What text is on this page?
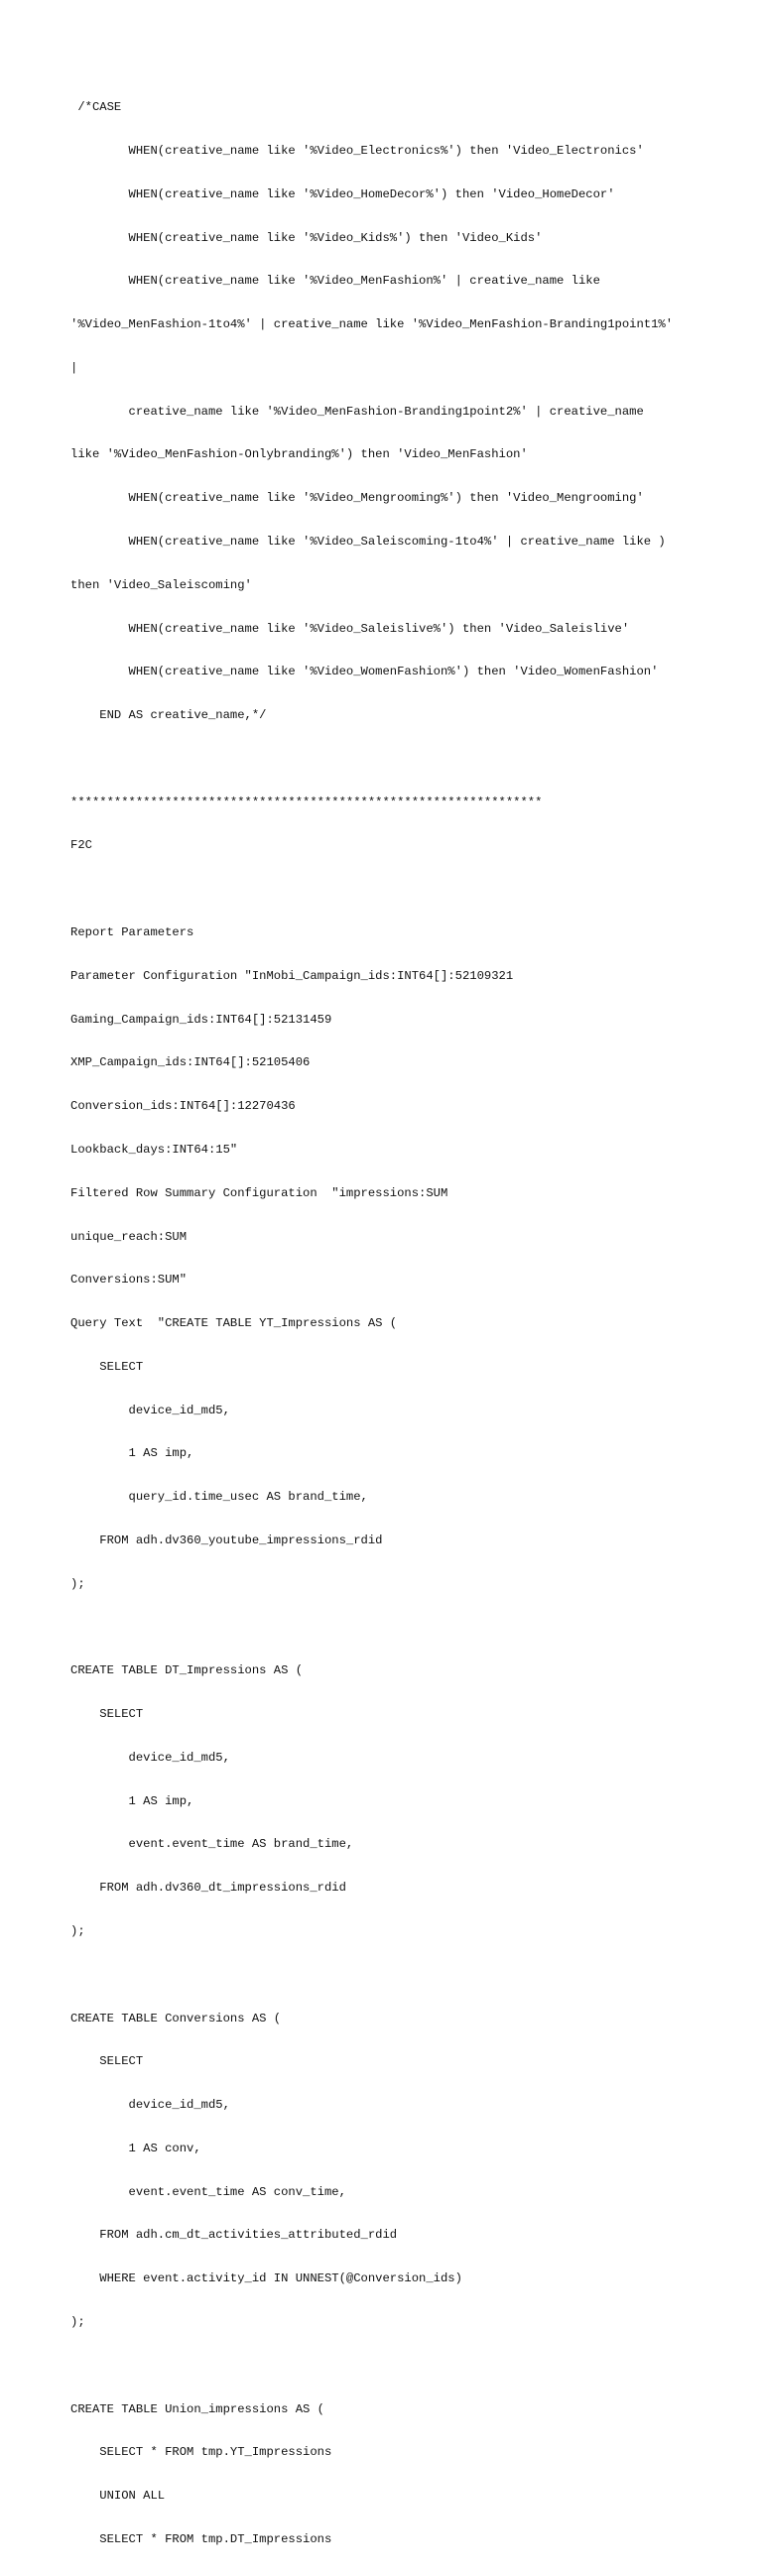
/*CASE

WHEN(creative_name like '%Video_Electronics%') then 'Video_Electronics'

WHEN(creative_name like '%Video_HomeDecor%') then 'Video_HomeDecor'

WHEN(creative_name like '%Video_Kids%') then 'Video_Kids'

WHEN(creative_name like '%Video_MenFashion%' | creative_name like

'%Video_MenFashion-1to4%' | creative_name like '%Video_MenFashion-Branding1point1%'

|

creative_name like '%Video_MenFashion-Branding1point2%' | creative_name

like '%Video_MenFashion-Onlybranding%') then 'Video_MenFashion'

WHEN(creative_name like '%Video_Mengrooming%') then 'Video_Mengrooming'

WHEN(creative_name like '%Video_Saleiscoming-1to4%' | creative_name like )

then 'Video_Saleiscoming'

WHEN(creative_name like '%Video_Saleislive%') then 'Video_Saleislive'

WHEN(creative_name like '%Video_WomenFashion%') then 'Video_WomenFashion'

END AS creative_name,*/

*****************************************************************

F2C

Report Parameters

Parameter Configuration "InMobi_Campaign_ids:INT64[]:52109321

Gaming_Campaign_ids:INT64[]:52131459

XMP_Campaign_ids:INT64[]:52105406

Conversion_ids:INT64[]:12270436

Lookback_days:INT64:15"

Filtered Row Summary Configuration  "impressions:SUM

unique_reach:SUM

Conversions:SUM"

Query Text  "CREATE TABLE YT_Impressions AS (

SELECT

device_id_md5,

1 AS imp,

query_id.time_usec AS brand_time,

FROM adh.dv360_youtube_impressions_rdid

);

CREATE TABLE DT_Impressions AS (

SELECT

device_id_md5,

1 AS imp,

event.event_time AS brand_time,

FROM adh.dv360_dt_impressions_rdid

);

CREATE TABLE Conversions AS (

SELECT

device_id_md5,

1 AS conv,

event.event_time AS conv_time,

FROM adh.cm_dt_activities_attributed_rdid

WHERE event.activity_id IN UNNEST(@Conversion_ids)

);

CREATE TABLE Union_impressions AS (

SELECT * FROM tmp.YT_Impressions

UNION ALL

SELECT * FROM tmp.DT_Impressions
